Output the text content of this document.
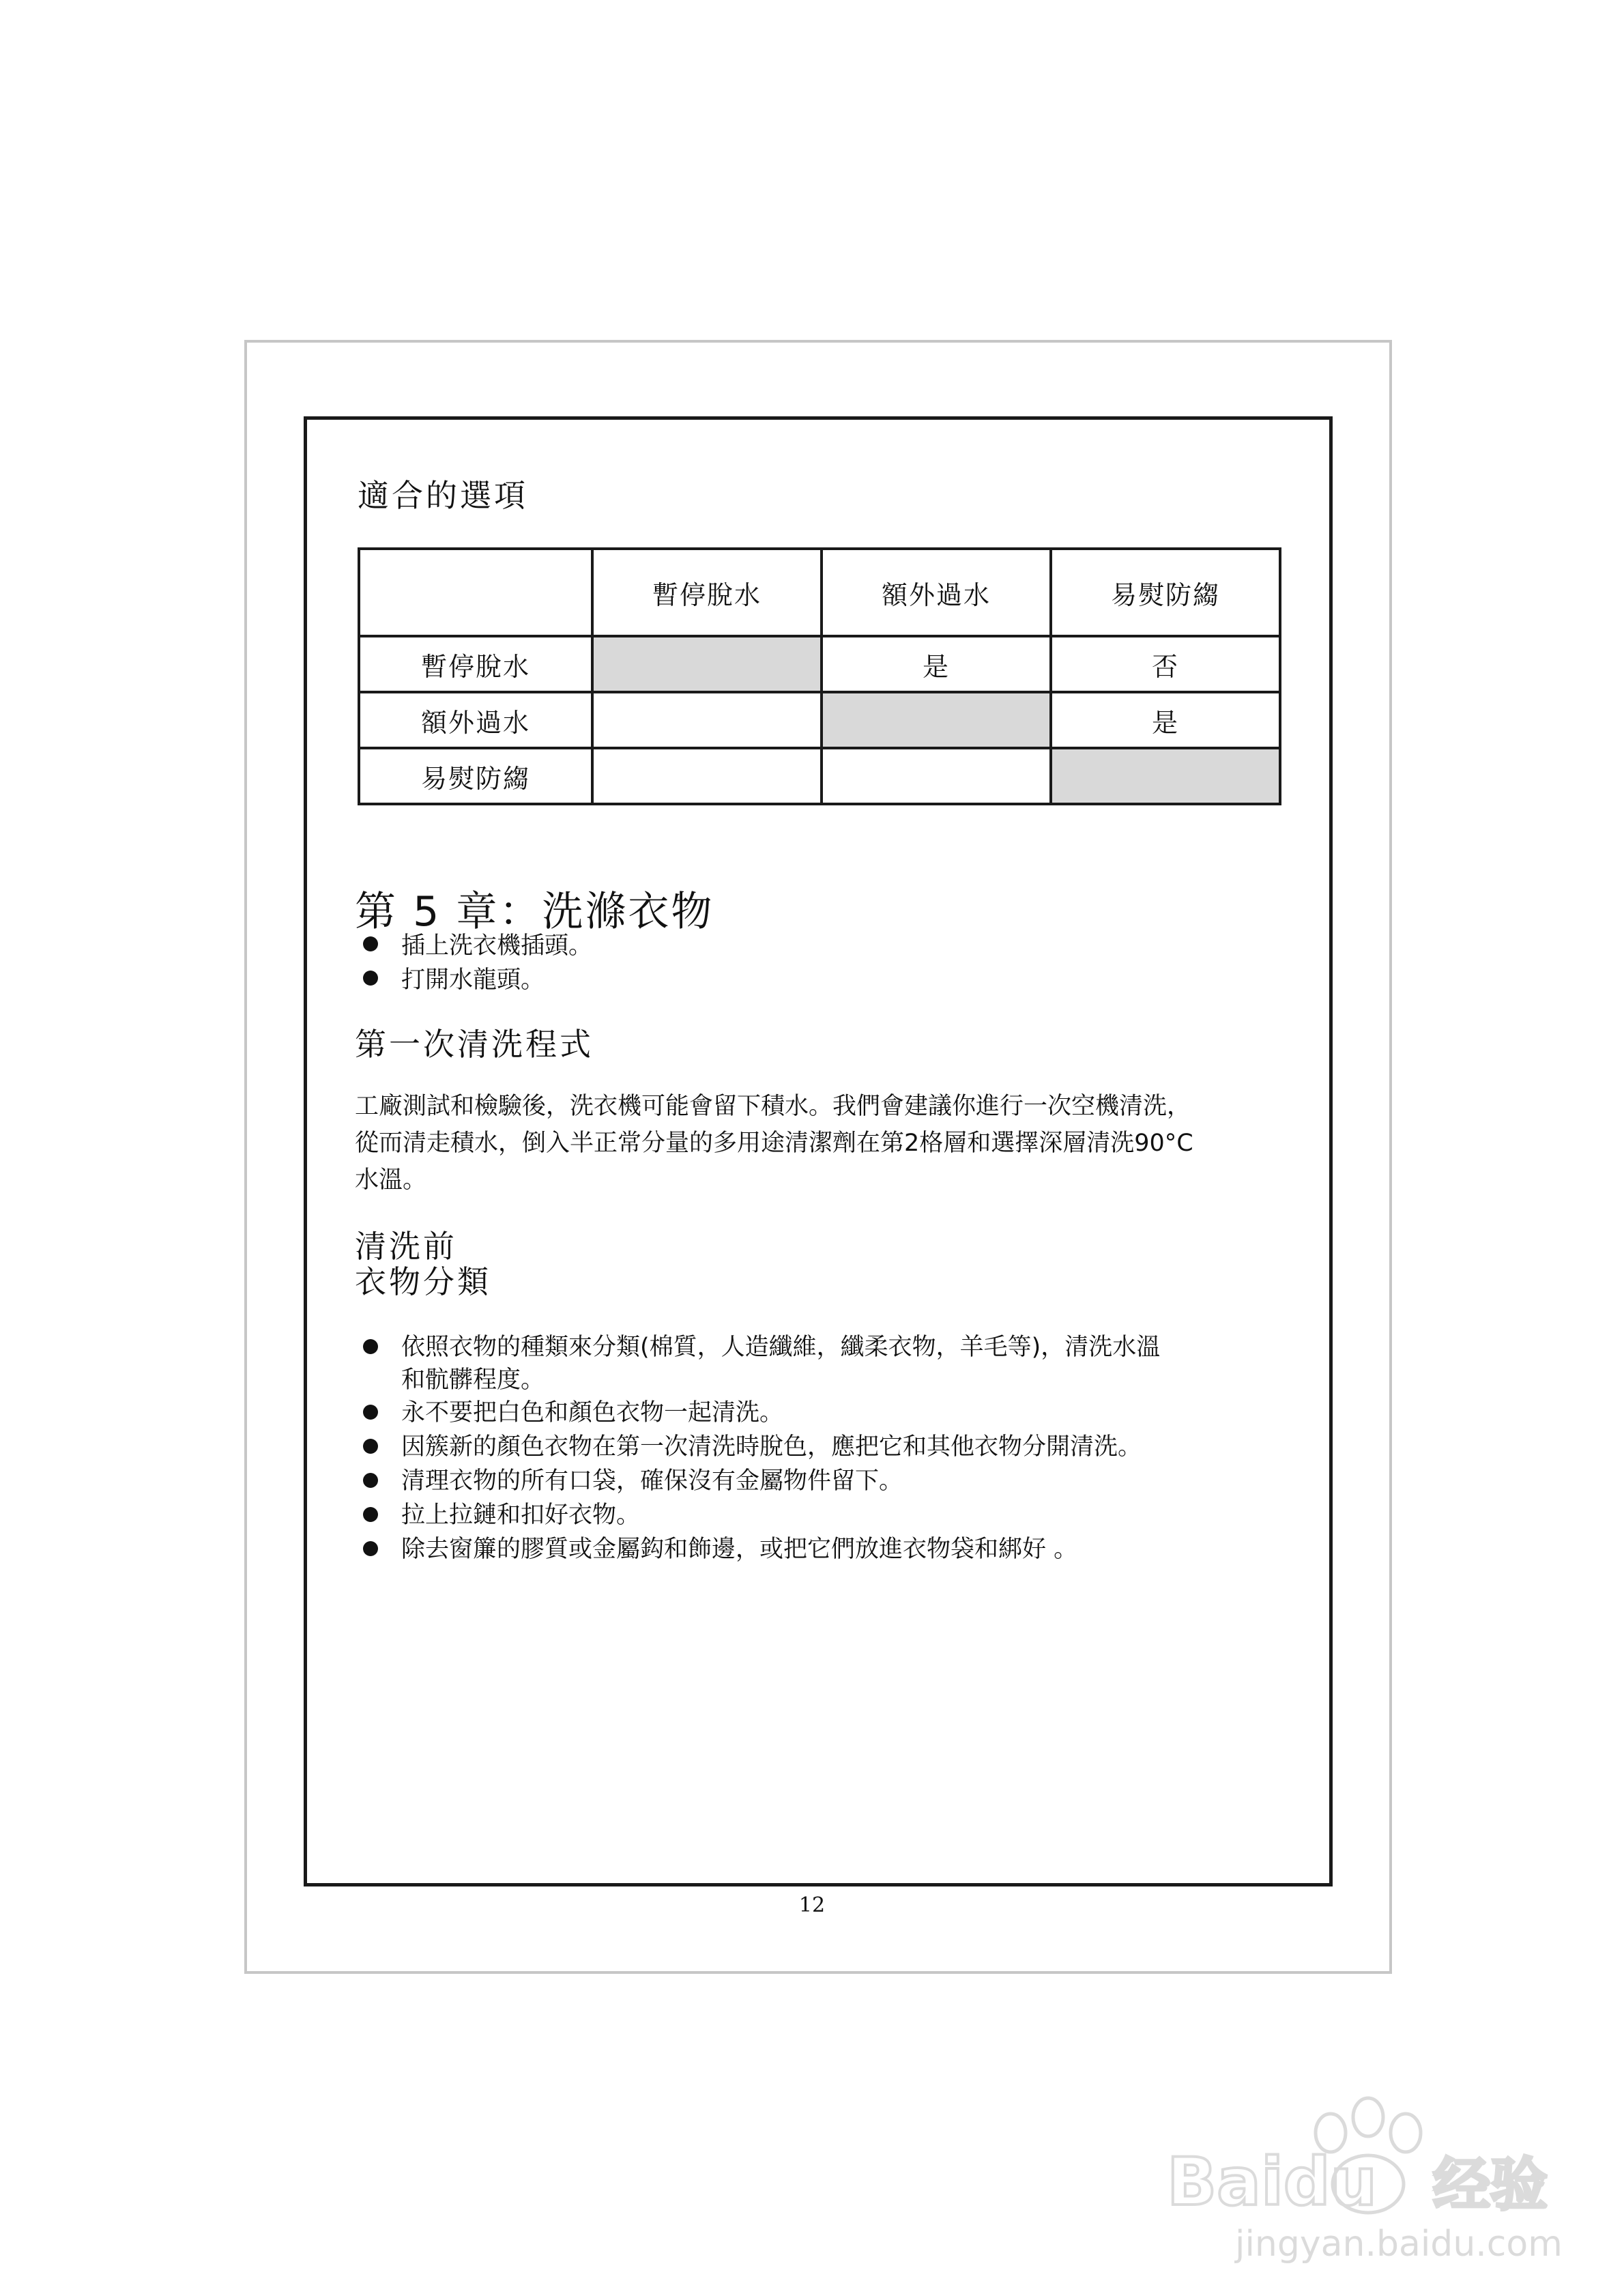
適合的選項
	暫停脫水	額外過水	易熨防縐
暫停脫水		是	否
額外過水			是
易熨防縐			
第 5 章：洗滌衣物
插上洗衣機插頭。
打開水龍頭。
第一次清洗程式
工廠測試和檢驗後，洗衣機可能會留下積水。我們會建議你進行一次空機清洗，
從而清走積水，倒入半正常分量的多用途清潔劑在第2格層和選擇深層清洗90°C
水溫。
清洗前
衣物分類
依照衣物的種類來分類(棉質，人造纖維，纖柔衣物，羊毛等)，清洗水溫
和骯髒程度。
永不要把白色和顏色衣物一起清洗。
因簇新的顏色衣物在第一次清洗時脫色，應把它和其他衣物分開清洗。
清理衣物的所有口袋，確保沒有金屬物件留下。
拉上拉鏈和扣好衣物。
除去窗簾的膠質或金屬鈎和飾邊，或把它們放進衣物袋和綁好 。
12
Baidu 经验
jingyan.baidu.com
